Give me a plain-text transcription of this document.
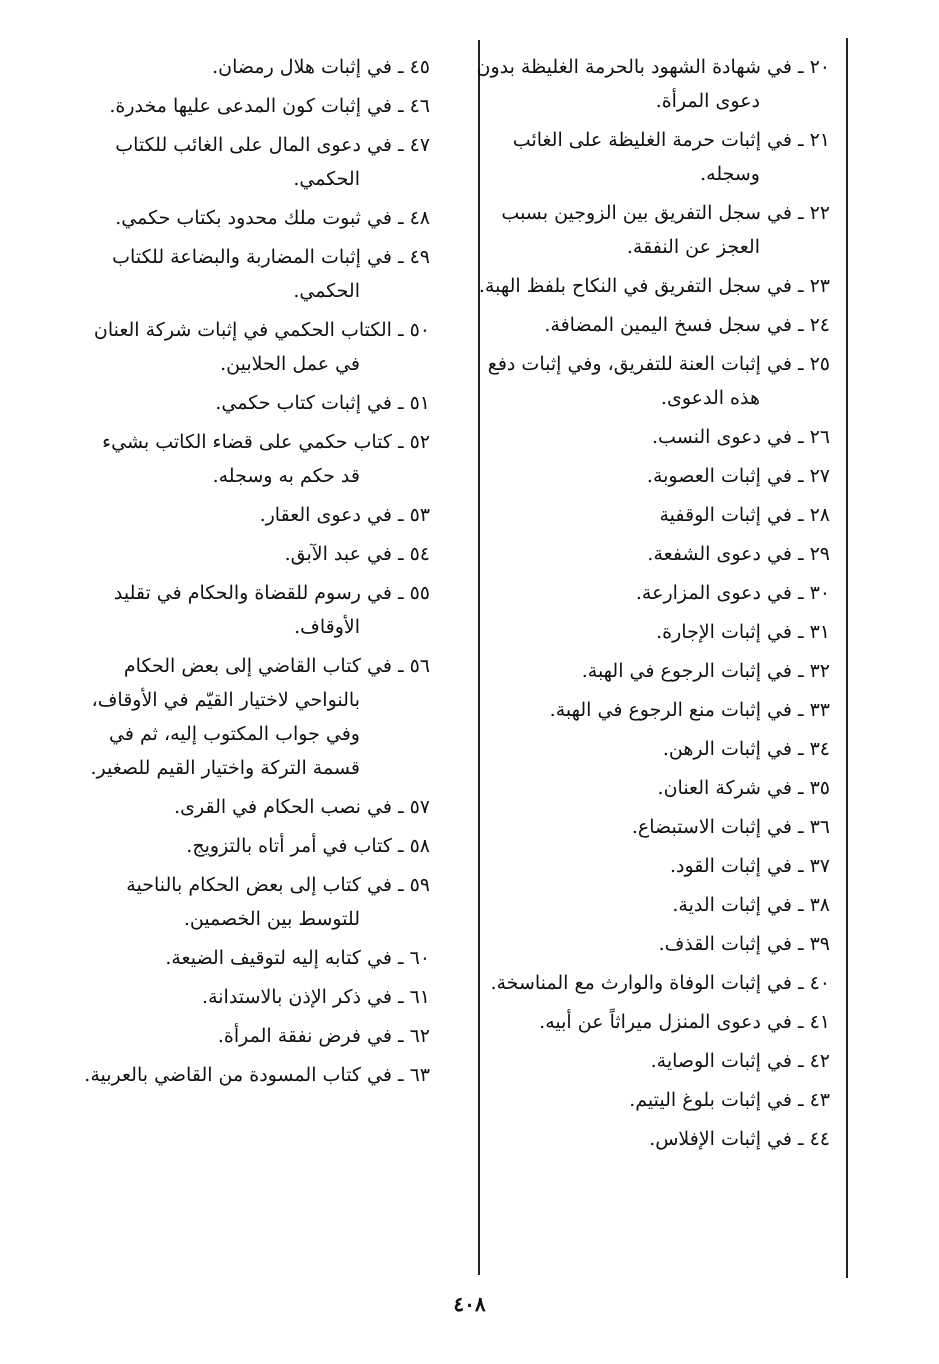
٢٠ ـ في شهادة الشهود بالحرمة الغليظة بدون دعوى المرأة.
٢١ ـ في إثبات حرمة الغليظة على الغائب وسجله.
٢٢ ـ في سجل التفريق بين الزوجين بسبب العجز عن النفقة.
٢٣ ـ في سجل التفريق في النكاح بلفظ الهبة.
٢٤ ـ في سجل فسخ اليمين المضافة.
٢٥ ـ في إثبات العنة للتفريق، وفي إثبات دفع هذه الدعوى.
٢٦ ـ في دعوى النسب.
٢٧ ـ في إثبات العصوبة.
٢٨ ـ في إثبات الوقفية
٢٩ ـ في دعوى الشفعة.
٣٠ ـ في دعوى المزارعة.
٣١ ـ في إثبات الإجارة.
٣٢ ـ في إثبات الرجوع في الهبة.
٣٣ ـ في إثبات منع الرجوع في الهبة.
٣٤ ـ في إثبات الرهن.
٣٥ ـ في شركة العنان.
٣٦ ـ في إثبات الاستبضاع.
٣٧ ـ في إثبات القود.
٣٨ ـ في إثبات الدية.
٣٩ ـ في إثبات القذف.
٤٠ ـ في إثبات الوفاة والوارث مع المناسخة.
٤١ ـ في دعوى المنزل ميراثاً عن أبيه.
٤٢ ـ في إثبات الوصاية.
٤٣ ـ في إثبات بلوغ اليتيم.
٤٤ ـ في إثبات الإفلاس.
٤٥ ـ في إثبات هلال رمضان.
٤٦ ـ في إثبات كون المدعى عليها مخدرة.
٤٧ ـ في دعوى المال على الغائب للكتاب الحكمي.
٤٨ ـ في ثبوت ملك محدود بكتاب حكمي.
٤٩ ـ في إثبات المضاربة والبضاعة للكتاب الحكمي.
٥٠ ـ الكتاب الحكمي في إثبات شركة العنان في عمل الحلابين.
٥١ ـ في إثبات كتاب حكمي.
٥٢ ـ كتاب حكمي على قضاء الكاتب بشيء قد حكم به وسجله.
٥٣ ـ في دعوى العقار.
٥٤ ـ في عبد الآبق.
٥٥ ـ في رسوم للقضاة والحكام في تقليد الأوقاف.
٥٦ ـ في كتاب القاضي إلى بعض الحكام بالنواحي لاختيار القيّم في الأوقاف، وفي جواب المكتوب إليه، ثم في قسمة التركة واختيار القيم للصغير.
٥٧ ـ في نصب الحكام في القرى.
٥٨ ـ كتاب في أمر أتاه بالتزويج.
٥٩ ـ في كتاب إلى بعض الحكام بالناحية للتوسط بين الخصمين.
٦٠ ـ في كتابه إليه لتوقيف الضيعة.
٦١ ـ في ذكر الإذن بالاستدانة.
٦٢ ـ في فرض نفقة المرأة.
٦٣ ـ في كتاب المسودة من القاضي بالعربية.
٤٠٨
